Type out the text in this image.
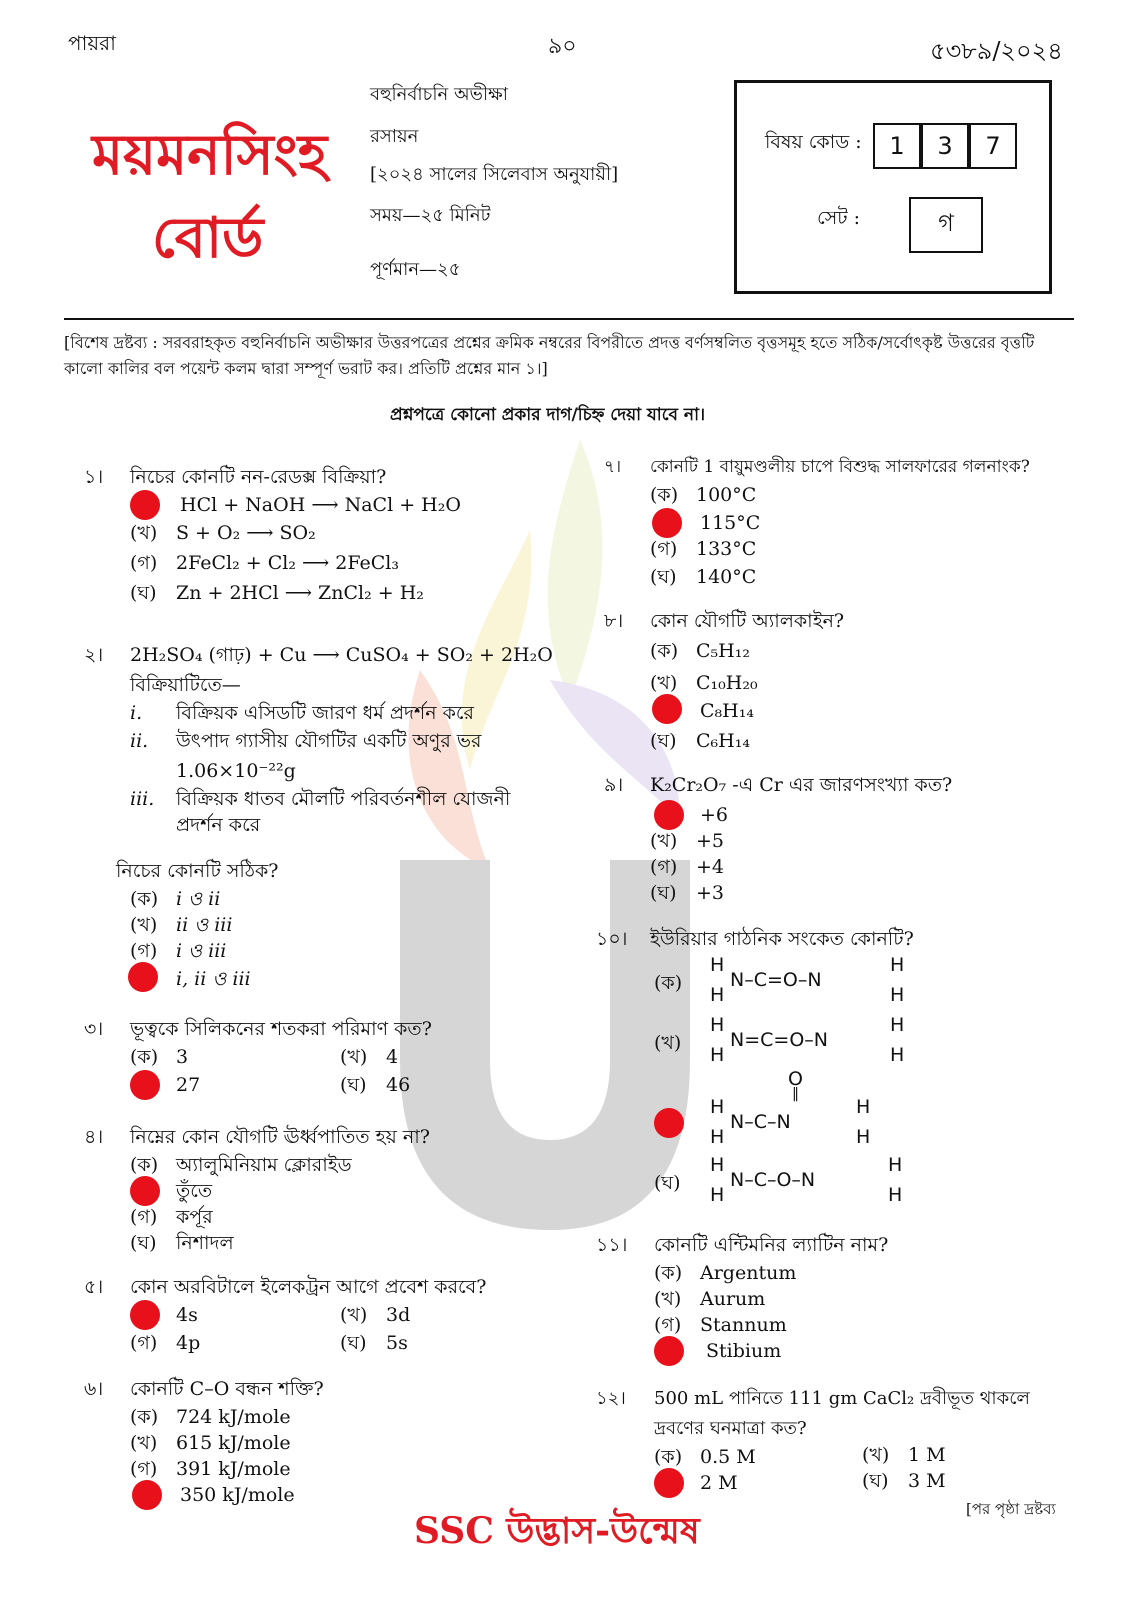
পায়রা	৯০	৫৩৮৯/২০২৪
ময়মনসিংহ
বোর্ড
বহুনির্বাচনি অভীক্ষা
রসায়ন
[২০২৪ সালের সিলেবাস অনুযায়ী]
সময়—২৫ মিনিট
পূর্ণমান—২৫
বিষয় কোড :	1	3	7
সেট :	গ
[বিশেষ দ্রষ্টব্য : সরবরাহকৃত বহুনির্বাচনি অভীক্ষার উত্তরপত্রের প্রশ্নের ক্রমিক নম্বরের বিপরীতে প্রদত্ত বর্ণসম্বলিত বৃত্তসমূহ হতে সঠিক/সর্বোৎকৃষ্ট উত্তরের বৃত্তটি কালো কালির বল পয়েন্ট কলম দ্বারা সম্পূর্ণ ভরাট কর। প্রতিটি প্রশ্নের মান ১।]
প্রশ্নপত্রে কোনো প্রকার দাগ/চিহ্ন দেয়া যাবে না।
১। নিচের কোনটি নন-রেডক্স বিক্রিয়া?
HCl + NaOH ⟶ NaCl + H₂O
(খ) S + O₂ ⟶ SO₂
(গ) 2FeCl₂ + Cl₂ ⟶ 2FeCl₃
(ঘ) Zn + 2HCl ⟶ ZnCl₂ + H₂
২। 2H₂SO₄ (গাঢ়) + Cu ⟶ CuSO₄ + SO₂ + 2H₂O
বিক্রিয়াটিতে—
i. বিক্রিয়ক এসিডটি জারণ ধর্ম প্রদর্শন করে
ii. উৎপাদ গ্যাসীয় যৌগটির একটি অণুর ভর
1.06×10⁻²²g
iii. বিক্রিয়ক ধাতব মৌলটি পরিবর্তনশীল যোজনী
প্রদর্শন করে
নিচের কোনটি সঠিক?
(ক) i ও ii
(খ) ii ও iii
(গ) i ও iii
i, ii ও iii
৩। ভূত্বকে সিলিকনের শতকরা পরিমাণ কত?
(ক) 3	(খ) 4
27	(ঘ) 46
৪। নিম্নের কোন যৌগটি ঊর্ধ্বপাতিত হয় না?
(ক) অ্যালুমিনিয়াম ক্লোরাইড
তুঁতে
(গ) কর্পূর
(ঘ) নিশাদল
৫। কোন অরবিটালে ইলেকট্রন আগে প্রবেশ করবে?
4s	(খ) 3d
(গ) 4p	(ঘ) 5s
৬। কোনটি C–O বন্ধন শক্তি?
(ক) 724 kJ/mole
(খ) 615 kJ/mole
(গ) 391 kJ/mole
350 kJ/mole
৭। কোনটি 1 বায়ুমণ্ডলীয় চাপে বিশুদ্ধ সালফারের গলনাংক?
(ক) 100°C
115°C
(গ) 133°C
(ঘ) 140°C
৮। কোন যৌগটি অ্যালকাইন?
(ক) C₅H₁₂
(খ) C₁₀H₂₀
C₈H₁₄
(ঘ) C₆H₁₄
৯। K₂Cr₂O₇ -এ Cr এর জারণসংখ্যা কত?
+6
(খ) +5
(গ) +4
(ঘ) +3
১০। ইউরিয়ার গাঠনিক সংকেত কোনটি?
(ক)
H
H
N–C=O–N
H
H
(খ)
H
H
N=C=O–N
H
H
O
‖
H
H
N–C–N
H
H
(ঘ)
H
H
N–C–O–N
H
H
১১। কোনটি এন্টিমনির ল্যাটিন নাম?
(ক) Argentum
(খ) Aurum
(গ) Stannum
Stibium
১২। 500 mL পানিতে 111 gm CaCl₂ দ্রবীভূত থাকলে
দ্রবণের ঘনমাত্রা কত?
(ক) 0.5 M	(খ) 1 M
2 M	(ঘ) 3 M
SSC উদ্ভাস-উন্মেষ
[পর পৃষ্ঠা দ্রষ্টব্য
